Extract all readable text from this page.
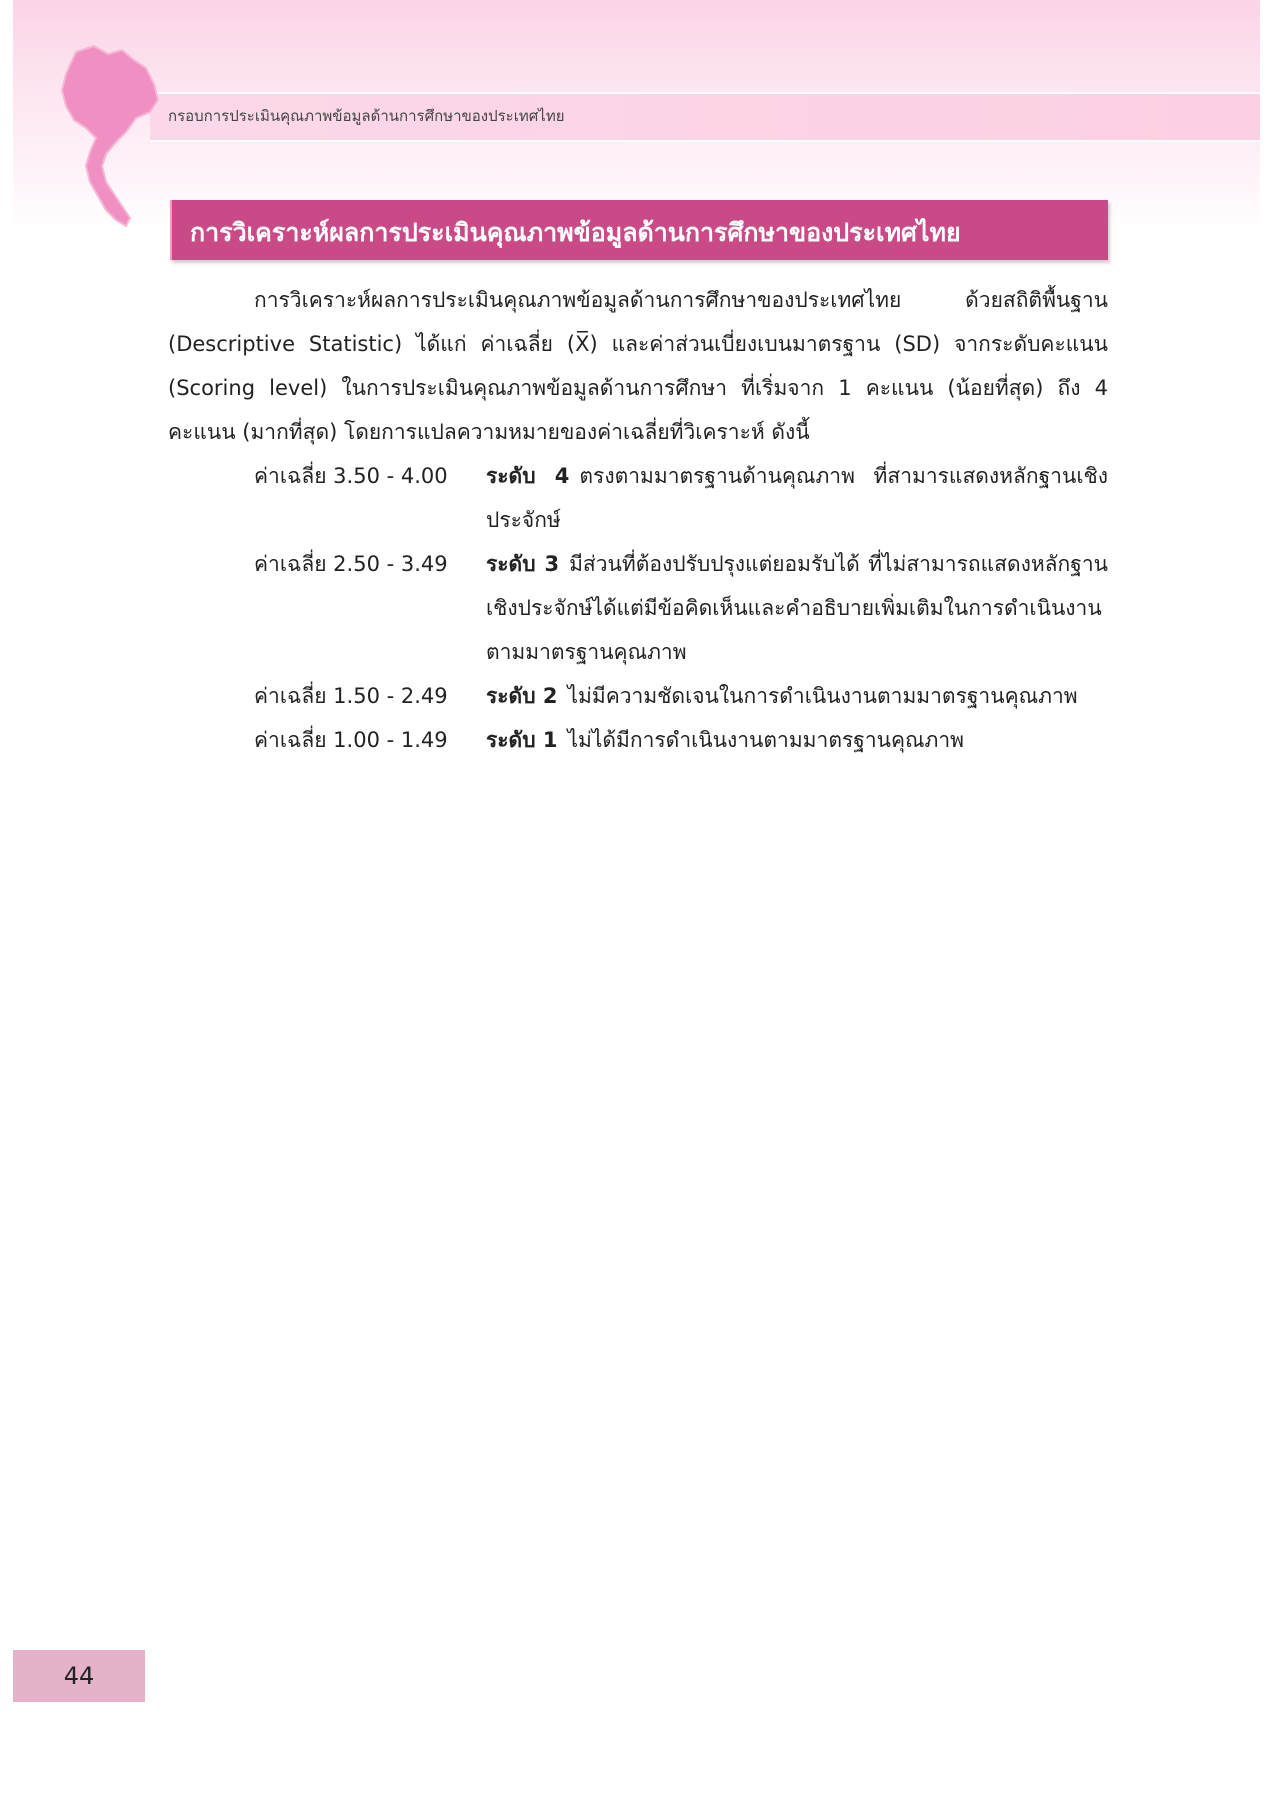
กรอบการประเมินคุณภาพข้อมูลด้านการศึกษาของประเทศไทย
การวิเคราะห์ผลการประเมินคุณภาพข้อมูลด้านการศึกษาของประเทศไทย
การวิเคราะห์ผลการประเมินคุณภาพข้อมูลด้านการศึกษาของประเทศไทย ด้วยสถิติพื้นฐาน (Descriptive Statistic) ได้แก่ ค่าเฉลี่ย (X̅) และค่าส่วนเบี่ยงเบนมาตรฐาน (SD) จากระดับคะแนน (Scoring level) ในการประเมินคุณภาพข้อมูลด้านการศึกษา ที่เริ่มจาก 1 คะแนน (น้อยที่สุด) ถึง 4 คะแนน (มากที่สุด) โดยการแปลความหมายของค่าเฉลี่ยที่วิเคราะห์ ดังนี้
ค่าเฉลี่ย 3.50 - 4.00	ระดับ 4 ตรงตามมาตรฐานด้านคุณภาพ ที่สามารแสดงหลักฐานเชิงประจักษ์
ค่าเฉลี่ย 2.50 - 3.49	ระดับ 3 มีส่วนที่ต้องปรับปรุงแต่ยอมรับได้ ที่ไม่สามารถแสดงหลักฐานเชิงประจักษ์ได้แต่มีข้อคิดเห็นและคำอธิบายเพิ่มเติมในการดำเนินงานตามมาตรฐานคุณภาพ
ค่าเฉลี่ย 1.50 - 2.49	ระดับ 2 ไม่มีความชัดเจนในการดำเนินงานตามมาตรฐานคุณภาพ
ค่าเฉลี่ย 1.00 - 1.49	ระดับ 1 ไม่ได้มีการดำเนินงานตามมาตรฐานคุณภาพ
44
